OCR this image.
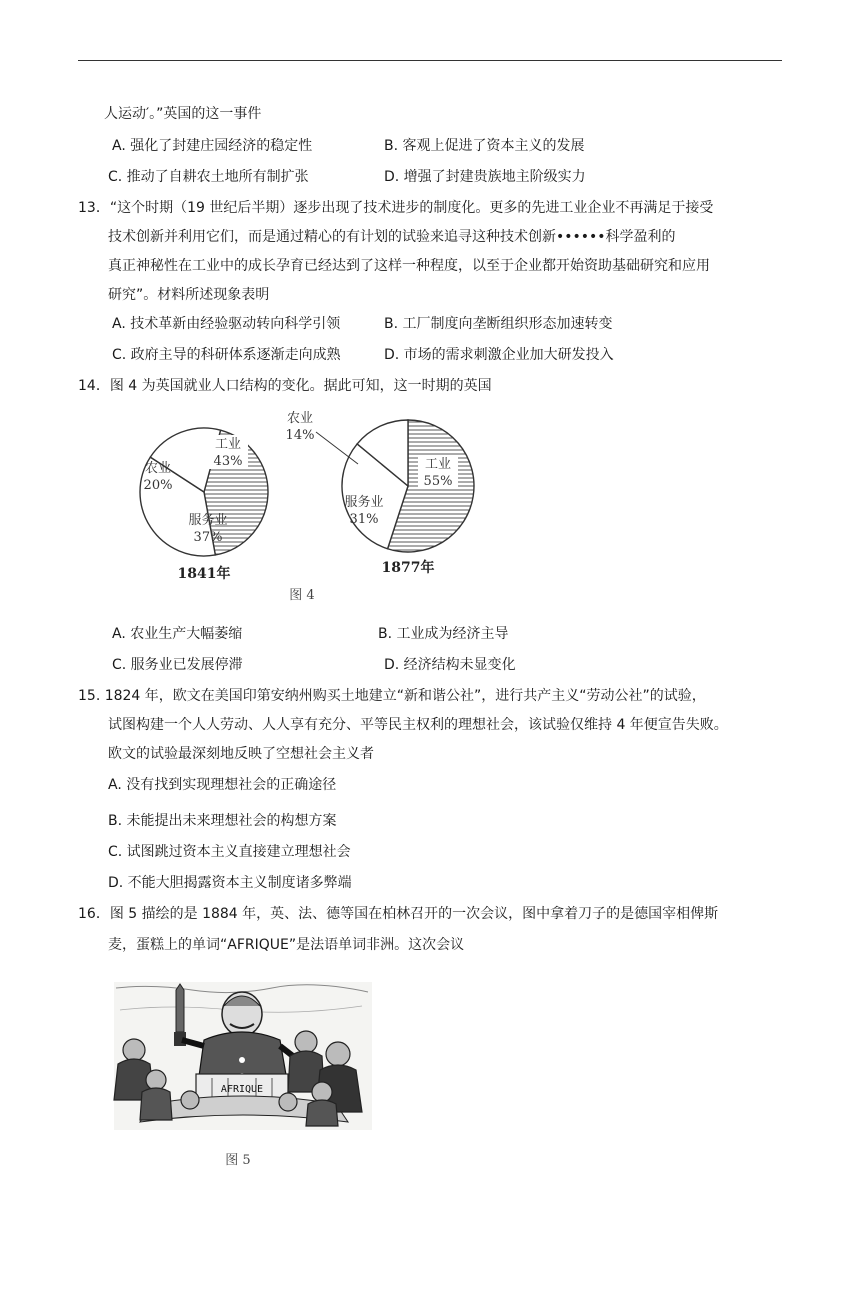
人运动′。”英国的这一事件
A. 强化了封建庄园经济的稳定性	B. 客观上促进了资本主义的发展
C. 推动了自耕农土地所有制扩张	D. 增强了封建贵族地主阶级实力
13．“这个时期（19 世纪后半期）逐步出现了技术进步的制度化。更多的先进工业企业不再满足于接受
技术创新并利用它们，而是通过精心的有计划的试验来追寻这种技术创新••••••科学盈利的
真正神秘性在工业中的成长孕育已经达到了这样一种程度，以至于企业都开始资助基础研究和应用
研究”。材料所述现象表明
A. 技术革新由经验驱动转向科学引领	B. 工厂制度向垄断组织形态加速转变
C. 政府主导的科研体系逐渐走向成熟	D. 市场的需求刺激企业加大研发投入
14．图 4 为英国就业人口结构的变化。据此可知，这一时期的英国
工业
43%
服务业
37%
农业
20%
1841年
工业
55%
服务业
31%
农业
14%
1877年
图 4
A. 农业生产大幅萎缩	B. 工业成为经济主导
C. 服务业已发展停滞	D. 经济结构未显变化
15. 1824 年，欧文在美国印第安纳州购买土地建立“新和谐公社”，进行共产主义“劳动公社”的试验，
试图构建一个人人劳动、人人享有充分、平等民主权利的理想社会，该试验仅维持 4 年便宣告失败。
欧文的试验最深刻地反映了空想社会主义者
A. 没有找到实现理想社会的正确途径
B. 未能提出未来理想社会的构想方案
C. 试图跳过资本主义直接建立理想社会
D. 不能大胆揭露资本主义制度诸多弊端
16．图 5 描绘的是 1884 年，英、法、德等国在柏林召开的一次会议，图中拿着刀子的是德国宰相俾斯
麦，蛋糕上的单词“AFRIQUE”是法语单词非洲。这次会议
AFRIQUE
图 5
